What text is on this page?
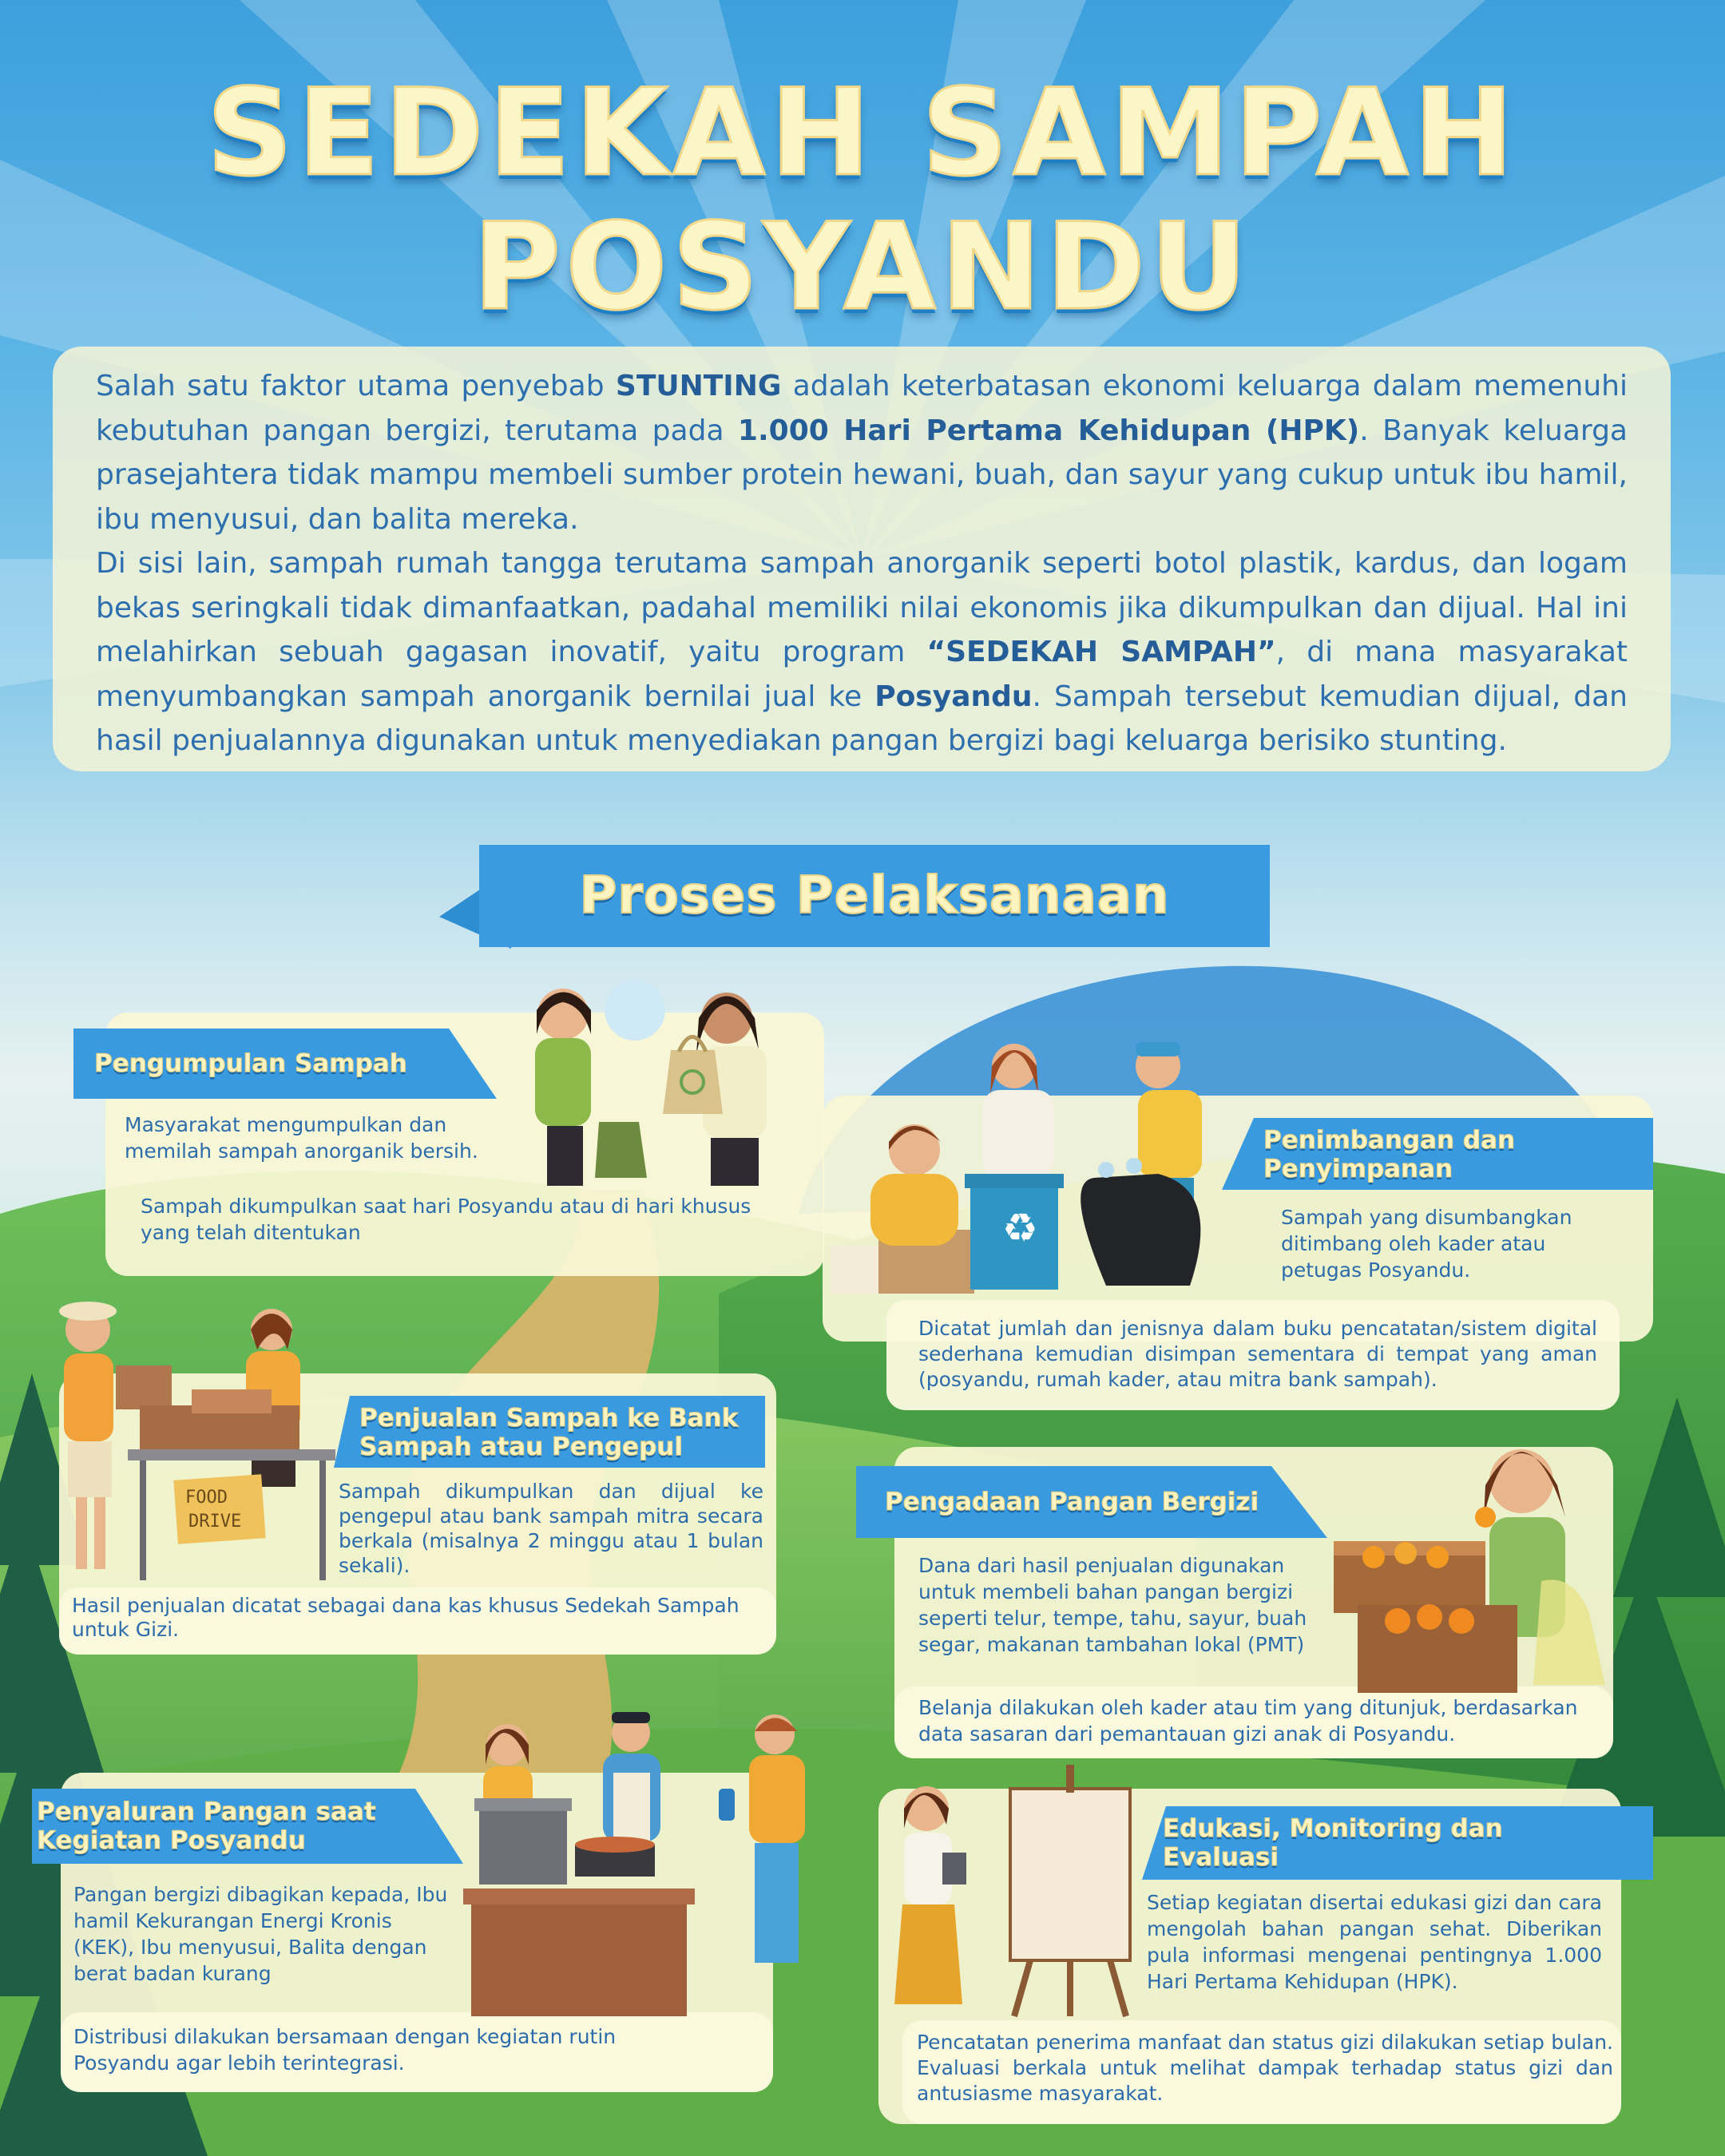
SEDEKAH SAMPAH
POSYANDU

Salah satu faktor utama penyebab STUNTING adalah keterbatasan ekonomi keluarga dalam memenuhi kebutuhan pangan bergizi, terutama pada 1.000 Hari Pertama Kehidupan (HPK). Banyak keluarga prasejahtera tidak mampu membeli sumber protein hewani, buah, dan sayur yang cukup untuk ibu hamil, ibu menyusui, dan balita mereka.

Di sisi lain, sampah rumah tangga terutama sampah anorganik seperti botol plastik, kardus, dan logam bekas seringkali tidak dimanfaatkan, padahal memiliki nilai ekonomis jika dikumpulkan dan dijual. Hal ini melahirkan sebuah gagasan inovatif, yaitu program “SEDEKAH SAMPAH”, di mana masyarakat menyumbangkan sampah anorganik bernilai jual ke Posyandu. Sampah tersebut kemudian dijual, dan hasil penjualannya digunakan untuk menyediakan pangan bergizi bagi keluarga berisiko stunting.

Proses Pelaksanaan
Pengumpulan Sampah

Masyarakat mengumpulkan dan memilah sampah anorganik bersih.

Sampah dikumpulkan saat hari Posyandu atau di hari khusus yang telah ditentukan

Penimbangan dan
Penyimpanan

Sampah yang disumbangkan ditimbang oleh kader atau petugas Posyandu.

Dicatat jumlah dan jenisnya dalam buku pencatatan/sistem digital sederhana kemudian disimpan sementara di tempat yang aman (posyandu, rumah kader, atau mitra bank sampah).

♻
Penjualan Sampah ke Bank
Sampah atau Pengepul

Sampah dikumpulkan dan dijual ke pengepul atau bank sampah mitra secara berkala (misalnya 2 minggu atau 1 bulan sekali).

Hasil penjualan dicatat sebagai dana kas khusus Sedekah Sampah untuk Gizi.

FOOD
DRIVE
Pengadaan Pangan Bergizi

Dana dari hasil penjualan digunakan untuk membeli bahan pangan bergizi seperti telur, tempe, tahu, sayur, buah segar, makanan tambahan lokal (PMT)

Belanja dilakukan oleh kader atau tim yang ditunjuk, berdasarkan data sasaran dari pemantauan gizi anak di Posyandu.

Penyaluran Pangan saat
Kegiatan Posyandu

Pangan bergizi dibagikan kepada, Ibu hamil Kekurangan Energi Kronis (KEK), Ibu menyusui, Balita dengan berat badan kurang

Distribusi dilakukan bersamaan dengan kegiatan rutin Posyandu agar lebih terintegrasi.

Edukasi, Monitoring dan
Evaluasi

Setiap kegiatan disertai edukasi gizi dan cara mengolah bahan pangan sehat. Diberikan pula informasi mengenai pentingnya 1.000 Hari Pertama Kehidupan (HPK).

Pencatatan penerima manfaat dan status gizi dilakukan setiap bulan. Evaluasi berkala untuk melihat dampak terhadap status gizi dan antusiasme masyarakat.
